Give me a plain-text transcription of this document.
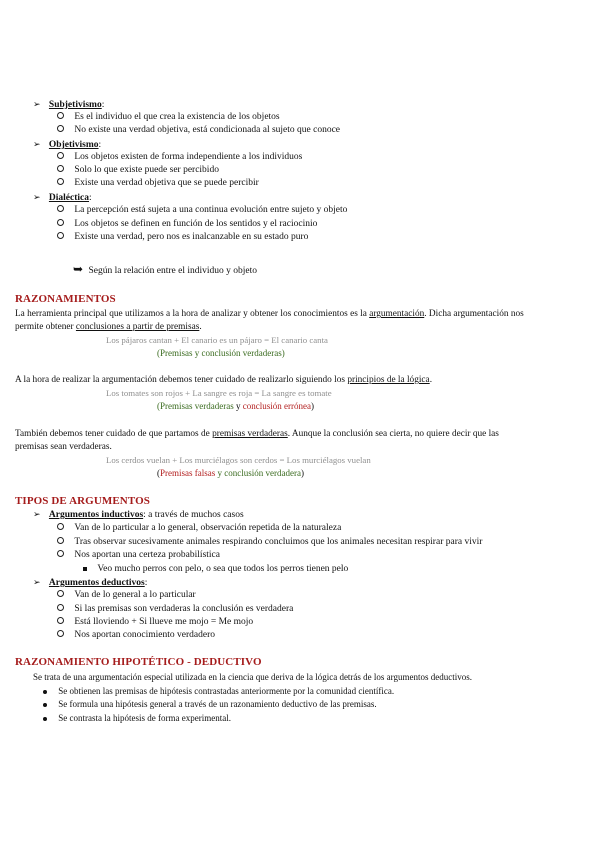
➢ Subjetivismo:
Es el individuo el que crea la existencia de los objetos
No existe una verdad objetiva, está condicionada al sujeto que conoce
➢ Objetivismo:
Los objetos existen de forma independiente a los individuos
Solo lo que existe puede ser percibido
Existe una verdad objetiva que se puede percibir
➢ Dialéctica:
La percepción está sujeta a una continua evolución entre sujeto y objeto
Los objetos se definen en función de los sentidos y el raciocinio
Existe una verdad, pero nos es inalcanzable en su estado puro
➥ Según la relación entre el individuo y objeto
RAZONAMIENTOS
La herramienta principal que utilizamos a la hora de analizar y obtener los conocimientos es la argumentación. Dicha argumentación nos
permite obtener conclusiones a partir de premisas.
Los pájaros cantan + El canario es un pájaro = El canario canta
(Premisas y conclusión verdaderas)
A la hora de realizar la argumentación debemos tener cuidado de realizarlo siguiendo los principios de la lógica.
Los tomates son rojos + La sangre es roja = La sangre es tomate
(Premisas verdaderas y conclusión errónea)
También debemos tener cuidado de que partamos de premisas verdaderas. Aunque la conclusión sea cierta, no quiere decir que las
premisas sean verdaderas.
Los cerdos vuelan + Los murciélagos son cerdos = Los murciélagos vuelan
(Premisas falsas y conclusión verdadera)
TIPOS DE ARGUMENTOS
➢ Argumentos inductivos: a través de muchos casos
Van de lo particular a lo general, observación repetida de la naturaleza
Tras observar sucesivamente animales respirando concluimos que los animales necesitan respirar para vivir
Nos aportan una certeza probabilística
Veo mucho perros con pelo, o sea que todos los perros tienen pelo
➢ Argumentos deductivos:
Van de lo general a lo particular
Si las premisas son verdaderas la conclusión es verdadera
Está lloviendo + Si llueve me mojo = Me mojo
Nos aportan conocimiento verdadero
RAZONAMIENTO HIPOTÉTICO - DEDUCTIVO
Se trata de una argumentación especial utilizada en la ciencia que deriva de la lógica detrás de los argumentos deductivos.
Se obtienen las premisas de hipótesis contrastadas anteriormente por la comunidad científica.
Se formula una hipótesis general a través de un razonamiento deductivo de las premisas.
Se contrasta la hipótesis de forma experimental.
